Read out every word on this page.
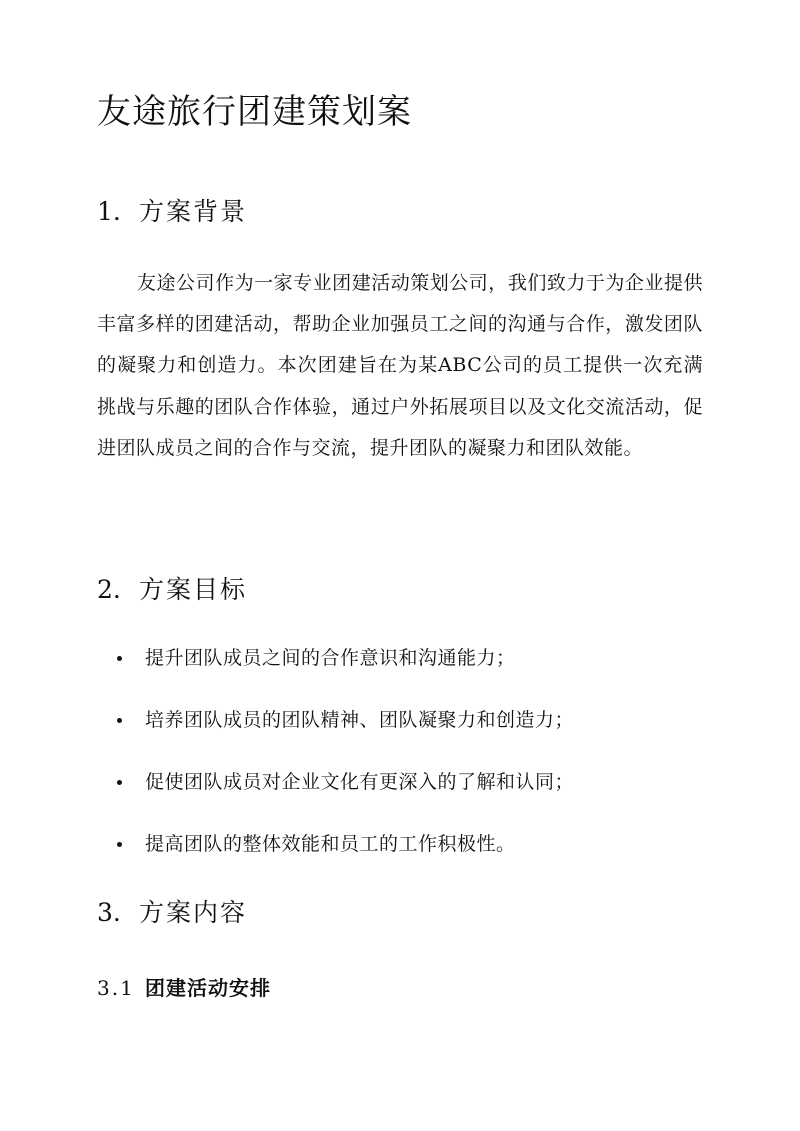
友途旅行团建策划案
1. 方案背景

友途公司作为一家专业团建活动策划公司，我们致力于为企业提供丰富多样的团建活动，帮助企业加强员工之间的沟通与合作，激发团队的凝聚力和创造力。本次团建旨在为某ABC公司的员工提供一次充满挑战与乐趣的团队合作体验，通过户外拓展项目以及文化交流活动，促进团队成员之间的合作与交流，提升团队的凝聚力和团队效能。

2. 方案目标
提升团队成员之间的合作意识和沟通能力；
培养团队成员的团队精神、团队凝聚力和创造力；
促使团队成员对企业文化有更深入的了解和认同；
提高团队的整体效能和员工的工作积极性。
3. 方案内容
3.1 团建活动安排
